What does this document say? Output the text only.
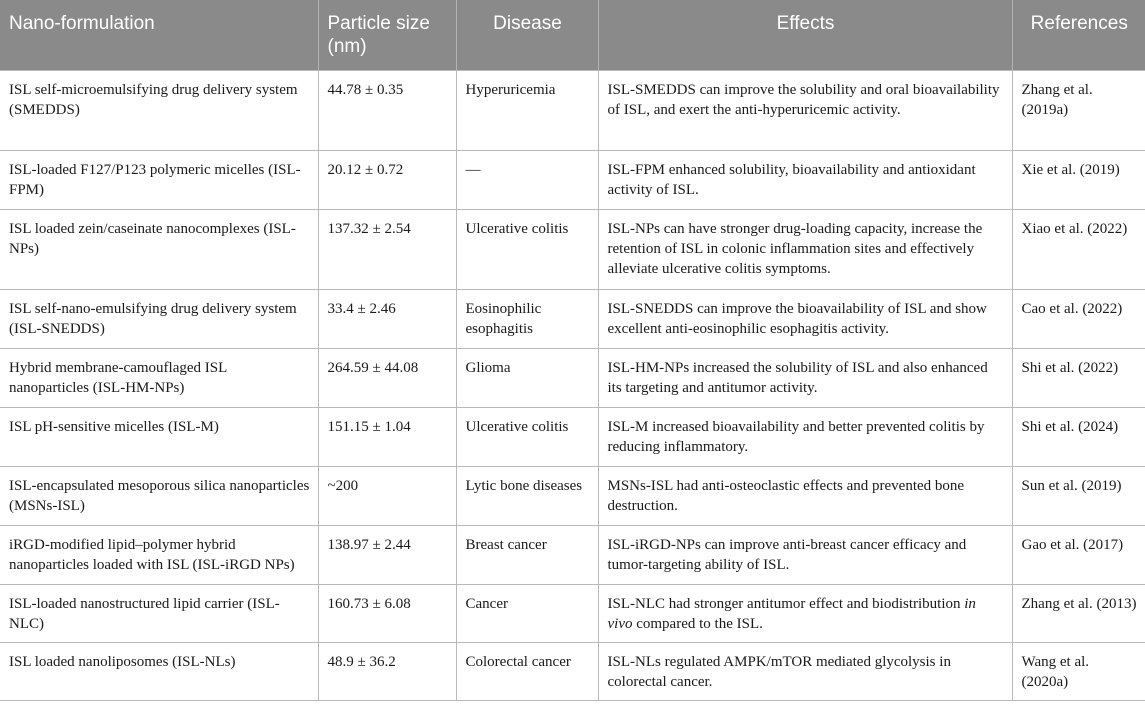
Nano-formulation	Particle size (nm)	Disease	Effects	References
ISL self-microemulsifying drug delivery system (SMEDDS)	44.78 ± 0.35	Hyperuricemia	ISL-SMEDDS can improve the solubility and oral bioavailability of ISL, and exert the anti-hyperuricemic activity.	Zhang et al. (2019a)
ISL-loaded F127/P123 polymeric micelles (ISL-FPM)	20.12 ± 0.72	—	ISL-FPM enhanced solubility, bioavailability and antioxidant activity of ISL.	Xie et al. (2019)
ISL loaded zein/caseinate nanocomplexes (ISL-NPs)	137.32 ± 2.54	Ulcerative colitis	ISL-NPs can have stronger drug-loading capacity, increase the retention of ISL in colonic inflammation sites and effectively alleviate ulcerative colitis symptoms.	Xiao et al. (2022)
ISL self-nano-emulsifying drug delivery system (ISL-SNEDDS)	33.4 ± 2.46	Eosinophilic esophagitis	ISL-SNEDDS can improve the bioavailability of ISL and show excellent anti-eosinophilic esophagitis activity.	Cao et al. (2022)
Hybrid membrane-camouflaged ISL nanoparticles (ISL-HM-NPs)	264.59 ± 44.08	Glioma	ISL-HM-NPs increased the solubility of ISL and also enhanced its targeting and antitumor activity.	Shi et al. (2022)
ISL pH-sensitive micelles (ISL-M)	151.15 ± 1.04	Ulcerative colitis	ISL-M increased bioavailability and better prevented colitis by reducing inflammatory.	Shi et al. (2024)
ISL-encapsulated mesoporous silica nanoparticles (MSNs-ISL)	~200	Lytic bone diseases	MSNs-ISL had anti-osteoclastic effects and prevented bone destruction.	Sun et al. (2019)
iRGD-modified lipid–polymer hybrid nanoparticles loaded with ISL (ISL-iRGD NPs)	138.97 ± 2.44	Breast cancer	ISL-iRGD-NPs can improve anti-breast cancer efficacy and tumor-targeting ability of ISL.	Gao et al. (2017)
ISL-loaded nanostructured lipid carrier (ISL-NLC)	160.73 ± 6.08	Cancer	ISL-NLC had stronger antitumor effect and biodistribution in vivo compared to the ISL.	Zhang et al. (2013)
ISL loaded nanoliposomes (ISL-NLs)	48.9 ± 36.2	Colorectal cancer	ISL-NLs regulated AMPK/mTOR mediated glycolysis in colorectal cancer.	Wang et al. (2020a)
